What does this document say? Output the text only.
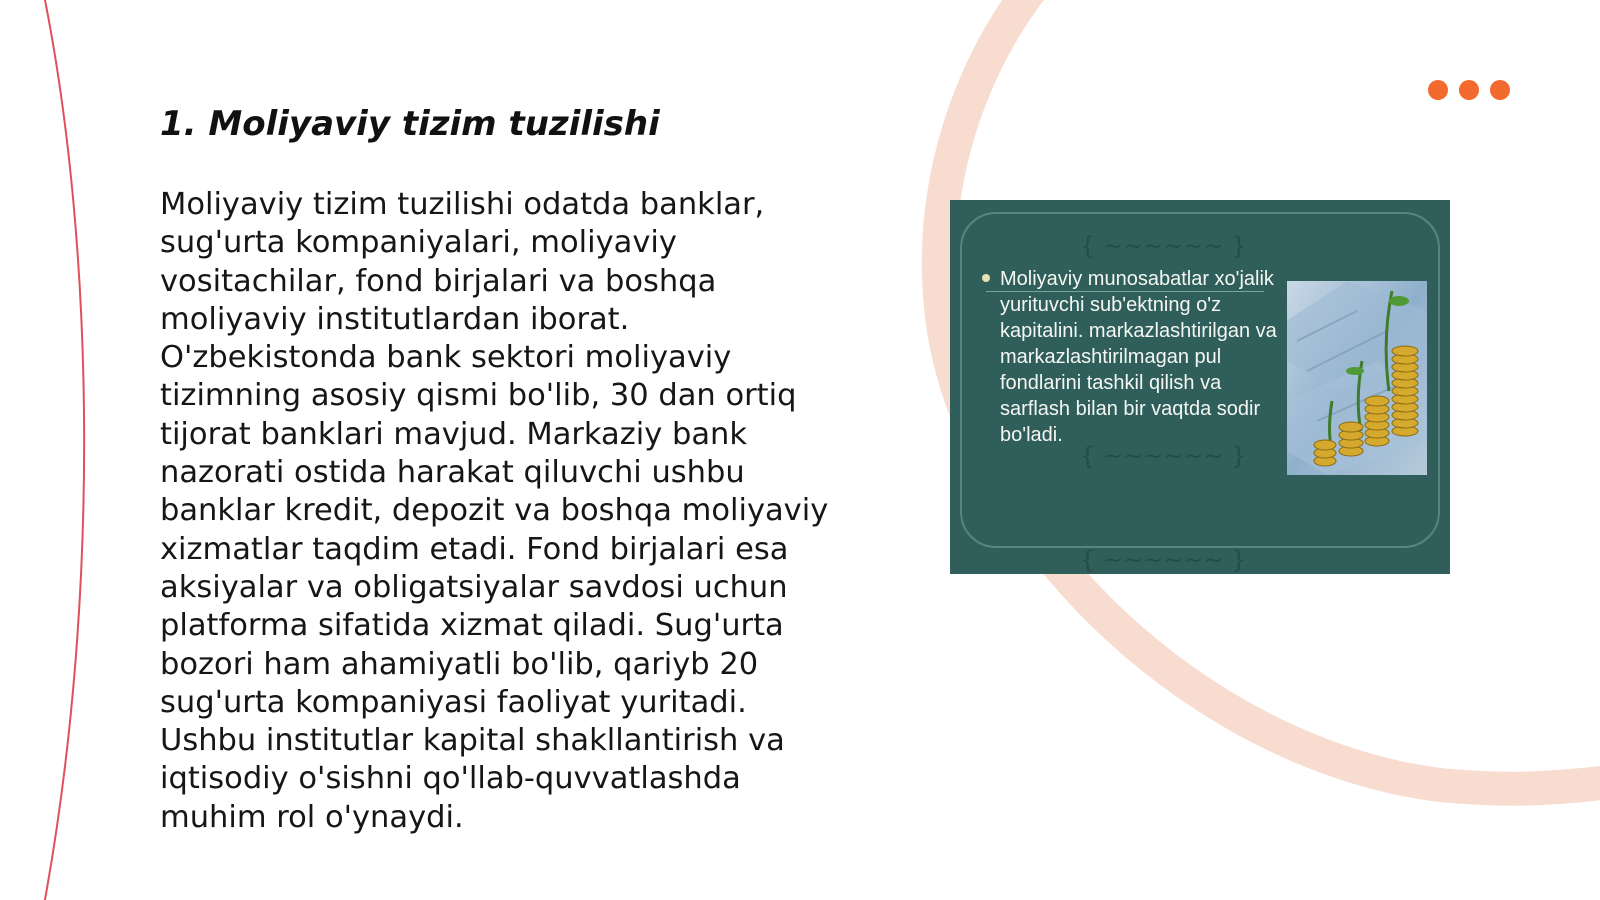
1. Moliyaviy tizim tuzilishi

Moliyaviy tizim tuzilishi odatda banklar, sug'urta kompaniyalari, moliyaviy vositachilar, fond birjalari va boshqa moliyaviy institutlardan iborat. O'zbekistonda bank sektori moliyaviy tizimning asosiy qismi bo'lib, 30 dan ortiq tijorat banklari mavjud. Markaziy bank nazorati ostida harakat qiluvchi ushbu banklar kredit, depozit va boshqa moliyaviy xizmatlar taqdim etadi. Fond birjalari esa aksiyalar va obligatsiyalar savdosi uchun platforma sifatida xizmat qiladi. Sug'urta bozori ham ahamiyatli bo'lib, qariyb 20 sug'urta kompaniyasi faoliyat yuritadi. Ushbu institutlar kapital shakllantirish va iqtisodiy o'sishni qo'llab-quvvatlashda muhim rol o'ynaydi.

{ ~~~~~~ }
{ ~~~~~~ }
{ ~~~~~~ }

Moliyaviy munosabatlar xo'jalik yurituvchi sub'ektning o'z kapitalini. markazlashtirilgan va markazlashtirilmagan pul fondlarini tashkil qilish va sarflash bilan bir vaqtda sodir bo'ladi.
